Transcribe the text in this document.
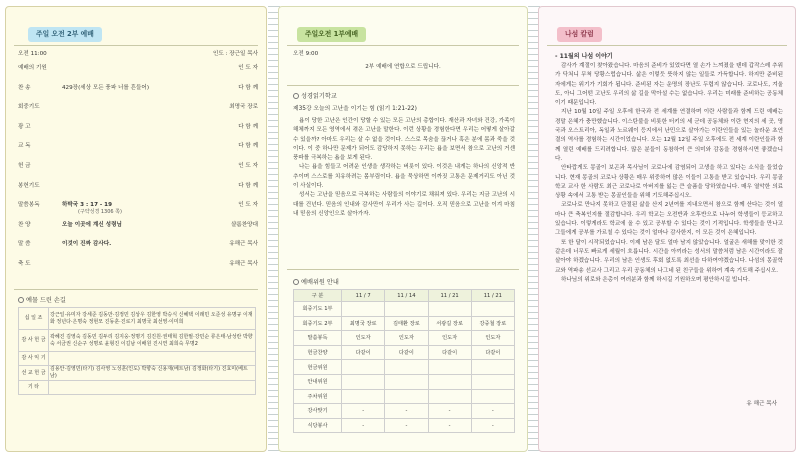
주일 오전 2부 예배
오전 11:00	인도 : 장근일 목사
예배의 기원	인 도 자
찬 송	429장(세상 모든 풍파 너를 흔들어)	다 함 께
회중기도	최명국 장로
광 고	다 함 께
교 독	다 함 께
헌 금	인 도 자
봉헌기도	다 함 께
말씀봉독	하박국 3 : 17 - 19	인 도 자
찬 양	오늘 이곳에 계신 성령님	샬롬찬양대
말 씀	이것이 진짜 감사다.	유해근 목사
축 도	유해근 목사
(구약성경 1306 쪽)
예물 드린 손길
십 일 조	강근일·유미자 강세준 김동만·김정민 김상우 김한영 박승식 신혜택 이래민 오준성 유명규 이재화 정년다·은명숙 정현모 진동훈·진로기 최명국 최선영·이미희
감 사 헌 금	곽혜진 김영숙 김동민 김두리 김지웅·정명기 김진원·권태혁 김한필·강민순 류은태·남성란 박향숙 서금권 신순구 성명로 윤형진 이길남 이배원 진시연 최희숙 무명2
감 사 익 기	
선 교 헌 금	김용안·김영민(타기) 김사영 노성훈(인도) 박향숙 신용재(베트남) 김정화(타기) 진효미(베트남)
기 타	
주일오전 1부예배
오전 9:00
2부 예배에 연합으로 드립니다.
성경읽기학교
제35강 오늘의 고난을 이기는 힘 (읽기 1:21-22)

욥이 당한 고난은 인간이 당할 수 있는 모든 고난의 총합이다. 재산과 자녀와 건강, 가족이 해체까지 모든 영역에서 겪은 고난을 말한다. 이런 상황을 경험한다면 우리는 어떻게 살아갈 수 있을까? 아마도 우리는 살 수 없을 것이다. 스스로 목숨을 끊거나 혹은 분에 몸과 죽을 것이다. 이 중 하나만 문제가 되어도 감당하지 못하는 우리는 욥을 보면서 참으로 고난의 거센 풍파를 극복하는 욥을 보게 된다.

나는 욥을 힘들고 어려운 인생을 생각하는 버릇이 있다. 이것은 내게는 하나의 신앙적 반추이며 스스로를 치유하려는 몸부림이다. 욥을 묵상하면 이까짓 고통은 문제거리도 아닌 것이 사실이다.

성서는 고난을 믿음으로 극복하는 사람들의 이야기로 채워져 있다. 우리는 지금 고난의 시대를 건넌다. 믿음의 인내와 감사만이 우리가 사는 길이다. 오직 믿음으로 고난을 이겨 마침내 믿음의 신앙인으로 살아가자.

예배위원 안내
구 분	11 / 7	11 / 14	11 / 21	11 / 21
회중기도 1부				
회중기도 2부	최명국 장로	김태환 장로	서광길 장로	강중철 장로
말씀봉독	인도자	인도자	인도자	인도자
헌금찬양	다같이	다같이	다같이	다같이
헌금위원				
안내위원				
주차위원				
강사맞기	-	-	-	-
식당봉사	-	-	-	-
나섬 칼럼
- 11월의 나섬 이야기

감사가 계절이 찾아왔습니다. 마음의 준비가 있었다면 열 손가 느껴졌을 텐데 갑작스레 추위가 닥쳐니 무척 당황스럽습니다. 삶은 이렇듯 뜻하지 않는 일들로 가득합니다. 하지만 준비된 자에게는 위기가 기회가 됩니다. 준비된 자는 운명의 장난도 두렵지 않습니다. 코로나도, 겨울도, 아니 그어떤 고난도 우리의 삶 길을 막아설 수는 없습니다. 우리는 미래를 준비하는 공동체이기 때문입니다.

지난 10월 10일 주일 오후에 한국과 전 세계를 연결하며 이란 사람들과 함께 드린 예배는 경말 은혜가 충만했습니다. 이스탄불을 비롯한 터키의 세 군데 공동체와 이란 현지의 세 곳, 영국과 오스트리아, 독일과 노르웨이 등지에서 난민으로 살아가는 이란인들을 있는 놀라운 초연결의 역사를 경험하는 시간이었습니다. 오는 12월 12일 주일 오후에도 전 세계 이란인들과 함께 열린 예배를 드리려합니다. 많은 분들이 동참하여 큰 의미와 감동을 경험하시면 좋겠습니다.

안타깝게도 몽골이 보곤과 목사님이 코로나에 감염되어 고생을 하고 있다는 소식을 들었습니다. 현재 몽골의 코로나 상황은 매우 위중하여 많은 이들이 고통을 받고 있습니다. 우리 몽골학교 교사 한 사람도 최근 코로나로 아버지를 잃는 큰 슬픔을 당하였습니다. 매우 열악한 의료 상황 속에서 고통 받는 몽골인들을 위해 기도해주십시오.

코로나로 만나지 못하고 단절된 삶을 산지 2년여를 지내오면서 참으로 함께 산다는 것이 얼마나 큰 축복인지를 절감합니다. 우리 학교는 오전반과 오후반으로 나누어 학생들이 등교하고 있습니다. 이렇게라도 학교에 올 수 있고 공부할 수 있다는 것이 기적입니다. 학생들을 만나고 그들에게 공부를 가르칠 수 있다는 것이 얼마나 감사한지, 이 모든 것이 은혜입니다.

또 한 달이 시작되었습니다. 이제 남은 달도 얼마 남지 않았습니다. 얼굴은 새해를 맞이한 것 같은데 너무도 빠르게 세월이 흐릅니다. 시간을 아끼라는 성서의 말씀처럼 남은 시간이라도 잘 살아야 하겠습니다. 우리의 남은 인생도 후회 없도록 최선을 다하여야겠습니다. 나섬의 몽골학교와 역파송 선교사 그리고 우리 공동체의 나그네 된 친구들을 위하여 계속 기도해 주십시오.

하나님의 위로와 은총이 여러분과 함께 하시길 기원하오며 평안하시길 빕니다.

유 해근 목사
